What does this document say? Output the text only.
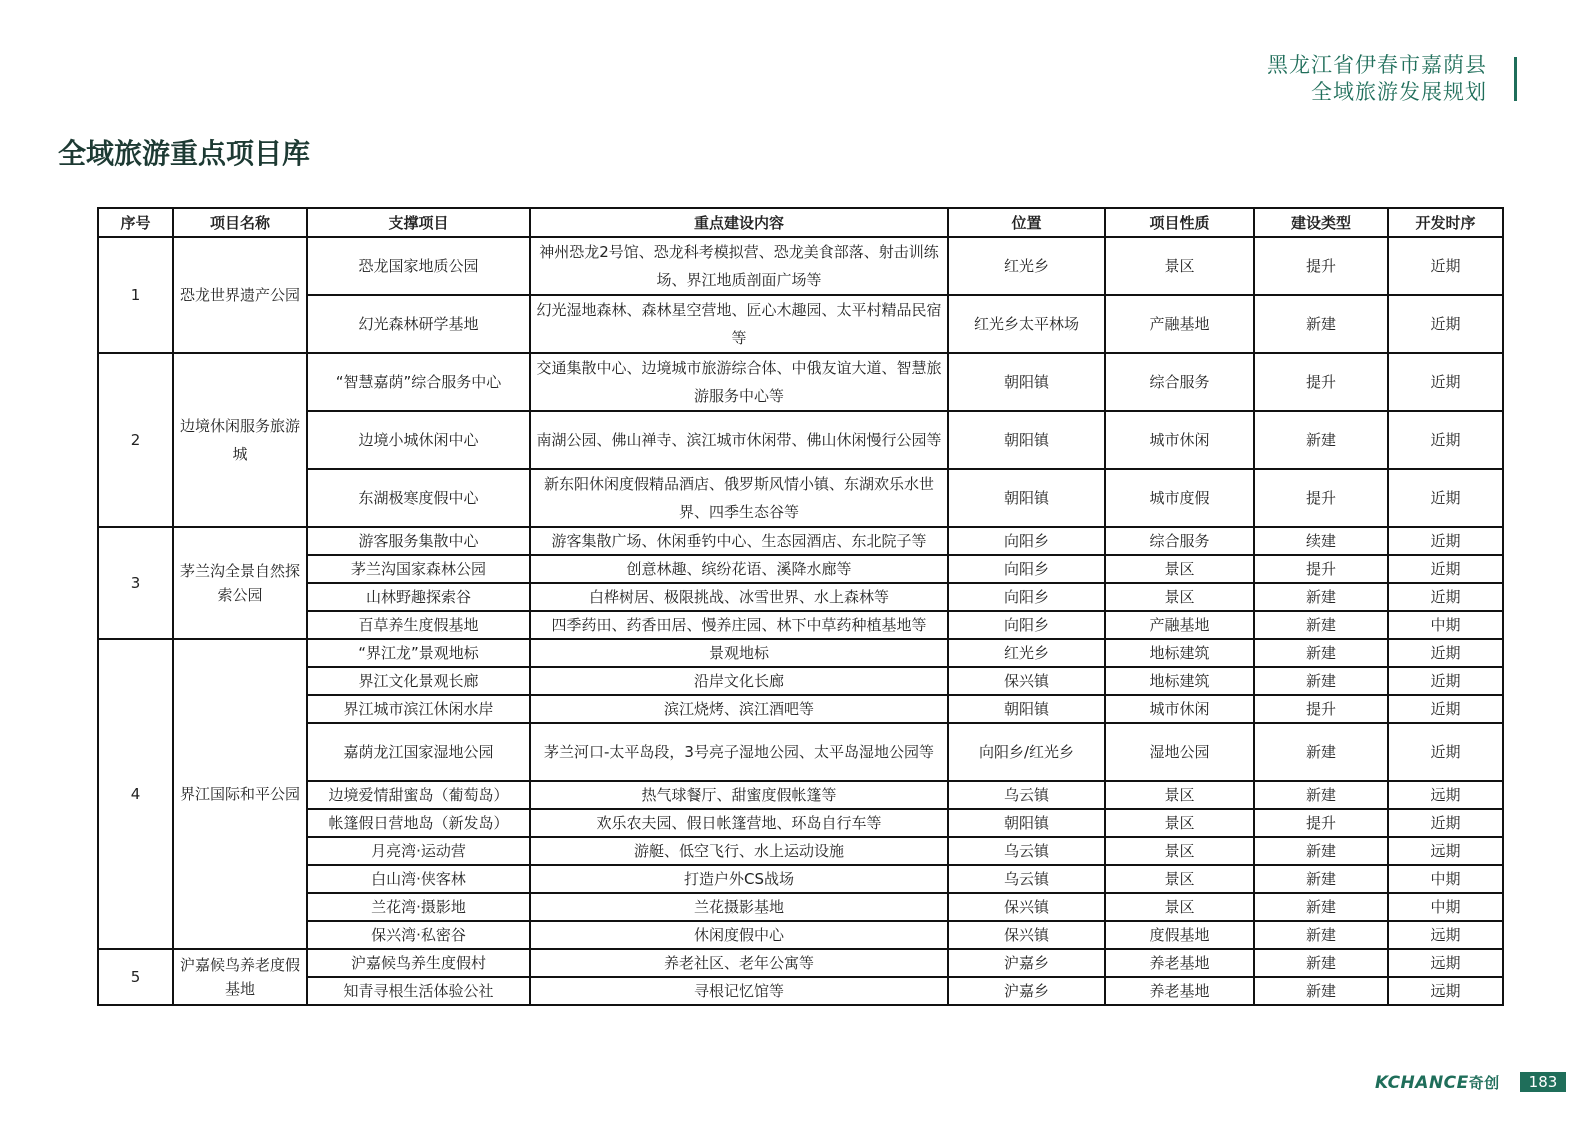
黑龙江省伊春市嘉荫县
全域旅游发展规划
全域旅游重点项目库
序号	项目名称	支撑项目	重点建设内容	位置	项目性质	建设类型	开发时序
1	恐龙世界遗产公园	恐龙国家地质公园	神州恐龙2号馆、恐龙科考模拟营、恐龙美食部落、射击训练场、界江地质剖面广场等	红光乡	景区	提升	近期
		幻光森林研学基地	幻光湿地森林、森林星空营地、匠心木趣园、太平村精品民宿等	红光乡太平林场	产融基地	新建	近期
2	边境休闲服务旅游城	“智慧嘉荫”综合服务中心	交通集散中心、边境城市旅游综合体、中俄友谊大道、智慧旅游服务中心等	朝阳镇	综合服务	提升	近期
		边境小城休闲中心	南湖公园、佛山禅寺、滨江城市休闲带、佛山休闲慢行公园等	朝阳镇	城市休闲	新建	近期
		东湖极寒度假中心	新东阳休闲度假精品酒店、俄罗斯风情小镇、东湖欢乐水世界、四季生态谷等	朝阳镇	城市度假	提升	近期
3	茅兰沟全景自然探索公园	游客服务集散中心	游客集散广场、休闲垂钓中心、生态园酒店、东北院子等	向阳乡	综合服务	续建	近期
		茅兰沟国家森林公园	创意林趣、缤纷花语、溪降水廊等	向阳乡	景区	提升	近期
		山林野趣探索谷	白桦树居、极限挑战、冰雪世界、水上森林等	向阳乡	景区	新建	近期
		百草养生度假基地	四季药田、药香田居、慢养庄园、林下中草药种植基地等	向阳乡	产融基地	新建	中期
4	界江国际和平公园	“界江龙”景观地标	景观地标	红光乡	地标建筑	新建	近期
		界江文化景观长廊	沿岸文化长廊	保兴镇	地标建筑	新建	近期
		界江城市滨江休闲水岸	滨江烧烤、滨江酒吧等	朝阳镇	城市休闲	提升	近期
		嘉荫龙江国家湿地公园	茅兰河口-太平岛段，3号亮子湿地公园、太平岛湿地公园等	向阳乡/红光乡	湿地公园	新建	近期
		边境爱情甜蜜岛（葡萄岛）	热气球餐厅、甜蜜度假帐篷等	乌云镇	景区	新建	远期
		帐篷假日营地岛（新发岛）	欢乐农夫园、假日帐篷营地、环岛自行车等	朝阳镇	景区	提升	近期
		月亮湾·运动营	游艇、低空飞行、水上运动设施	乌云镇	景区	新建	远期
		白山湾·侠客林	打造户外CS战场	乌云镇	景区	新建	中期
		兰花湾·摄影地	兰花摄影基地	保兴镇	景区	新建	中期
		保兴湾·私密谷	休闲度假中心	保兴镇	度假基地	新建	远期
5	沪嘉候鸟养老度假基地	沪嘉候鸟养生度假村	养老社区、老年公寓等	沪嘉乡	养老基地	新建	远期
		知青寻根生活体验公社	寻根记忆馆等	沪嘉乡	养老基地	新建	远期
KCHANCE奇创	183
